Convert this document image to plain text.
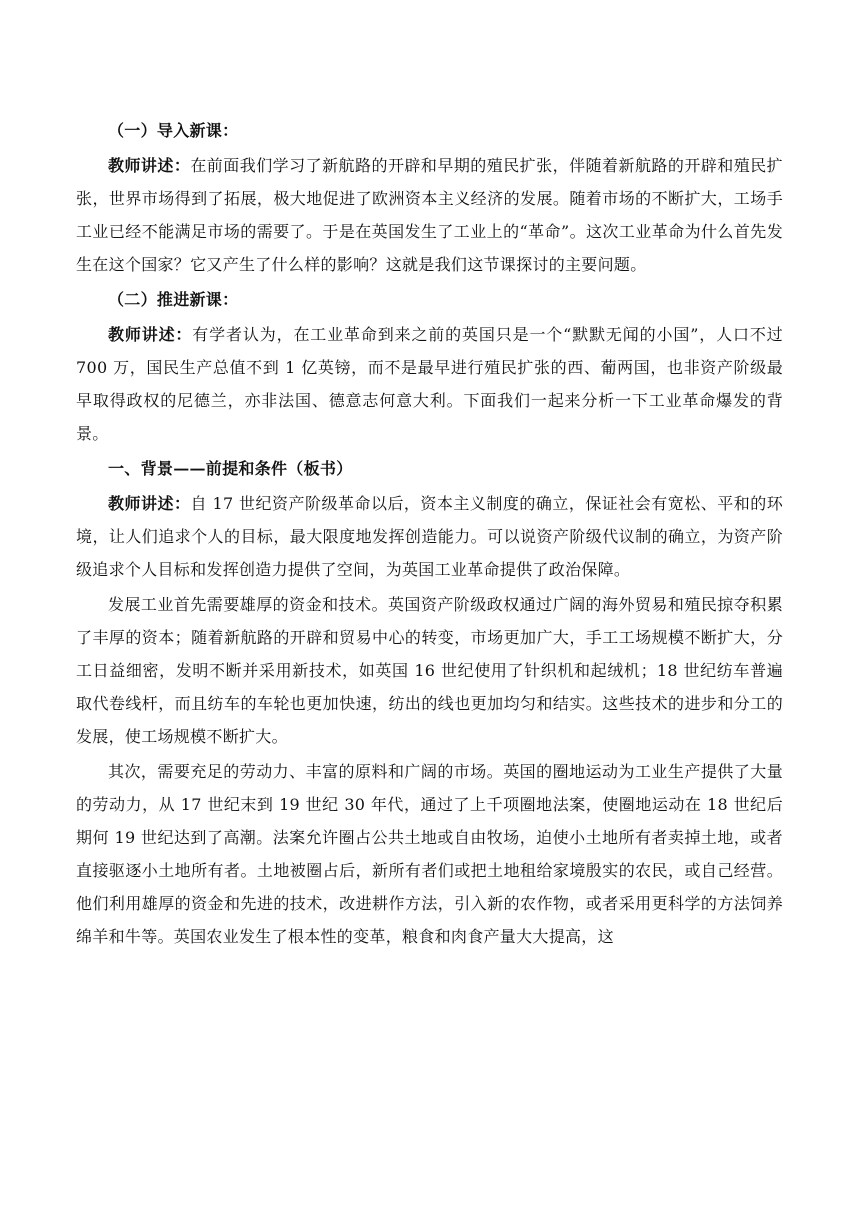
（一）导入新课：

教师讲述：在前面我们学习了新航路的开辟和早期的殖民扩张，伴随着新航路的开辟和殖民扩张，世界市场得到了拓展，极大地促进了欧洲资本主义经济的发展。随着市场的不断扩大，工场手工业已经不能满足市场的需要了。于是在英国发生了工业上的“革命”。这次工业革命为什么首先发生在这个国家？它又产生了什么样的影响？这就是我们这节课探讨的主要问题。

（二）推进新课：

教师讲述：有学者认为，在工业革命到来之前的英国只是一个“默默无闻的小国”，人口不过 700 万，国民生产总值不到 1 亿英镑，而不是最早进行殖民扩张的西、葡两国，也非资产阶级最早取得政权的尼德兰，亦非法国、德意志何意大利。下面我们一起来分析一下工业革命爆发的背景。

一、背景——前提和条件（板书）

教师讲述：自 17 世纪资产阶级革命以后，资本主义制度的确立，保证社会有宽松、平和的环境，让人们追求个人的目标，最大限度地发挥创造能力。可以说资产阶级代议制的确立，为资产阶级追求个人目标和发挥创造力提供了空间，为英国工业革命提供了政治保障。

发展工业首先需要雄厚的资金和技术。英国资产阶级政权通过广阔的海外贸易和殖民掠夺积累了丰厚的资本；随着新航路的开辟和贸易中心的转变，市场更加广大，手工工场规模不断扩大，分工日益细密，发明不断并采用新技术，如英国 16 世纪使用了针织机和起绒机；18 世纪纺车普遍取代卷线杆，而且纺车的车轮也更加快速，纺出的线也更加均匀和结实。这些技术的进步和分工的发展，使工场规模不断扩大。

其次，需要充足的劳动力、丰富的原料和广阔的市场。英国的圈地运动为工业生产提供了大量的劳动力，从 17 世纪末到 19 世纪 30 年代，通过了上千项圈地法案，使圈地运动在 18 世纪后期何 19 世纪达到了高潮。法案允许圈占公共土地或自由牧场，迫使小土地所有者卖掉土地，或者直接驱逐小土地所有者。土地被圈占后，新所有者们或把土地租给家境殷实的农民，或自己经营。他们利用雄厚的资金和先进的技术，改进耕作方法，引入新的农作物，或者采用更科学的方法饲养绵羊和牛等。英国农业发生了根本性的变革，粮食和肉食产量大大提高，这
